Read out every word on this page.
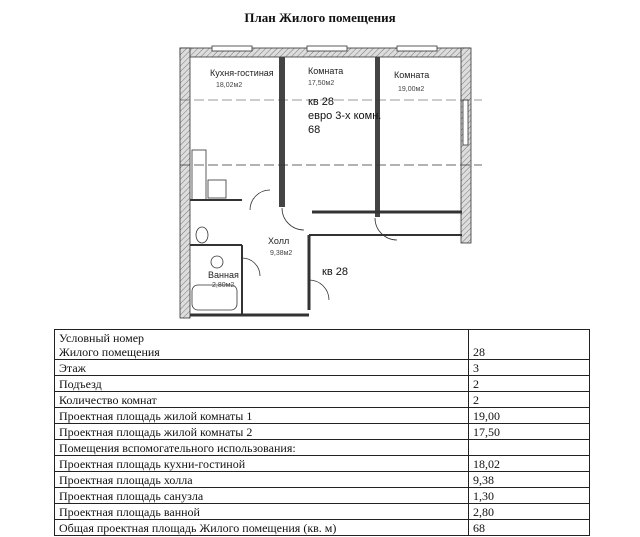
План Жилого помещения
Кухня-гостиная
18,02м2
Комната
17,50м2
Комната
19,00м2
кв 28
евро 3-х комн.
68
Холл
9,38м2
Ванная
2,80м2
кв 28
Условный номер
Жилого помещения	28
Этаж	3
Подъезд	2
Количество комнат	2
Проектная площадь жилой комнаты 1	19,00
Проектная площадь жилой комнаты 2	17,50
Помещения вспомогательного использования:	
Проектная площадь кухни-гостиной	18,02
Проектная площадь холла	9,38
Проектная площадь санузла	1,30
Проектная площадь ванной	2,80
Общая проектная площадь Жилого помещения (кв. м)	68
